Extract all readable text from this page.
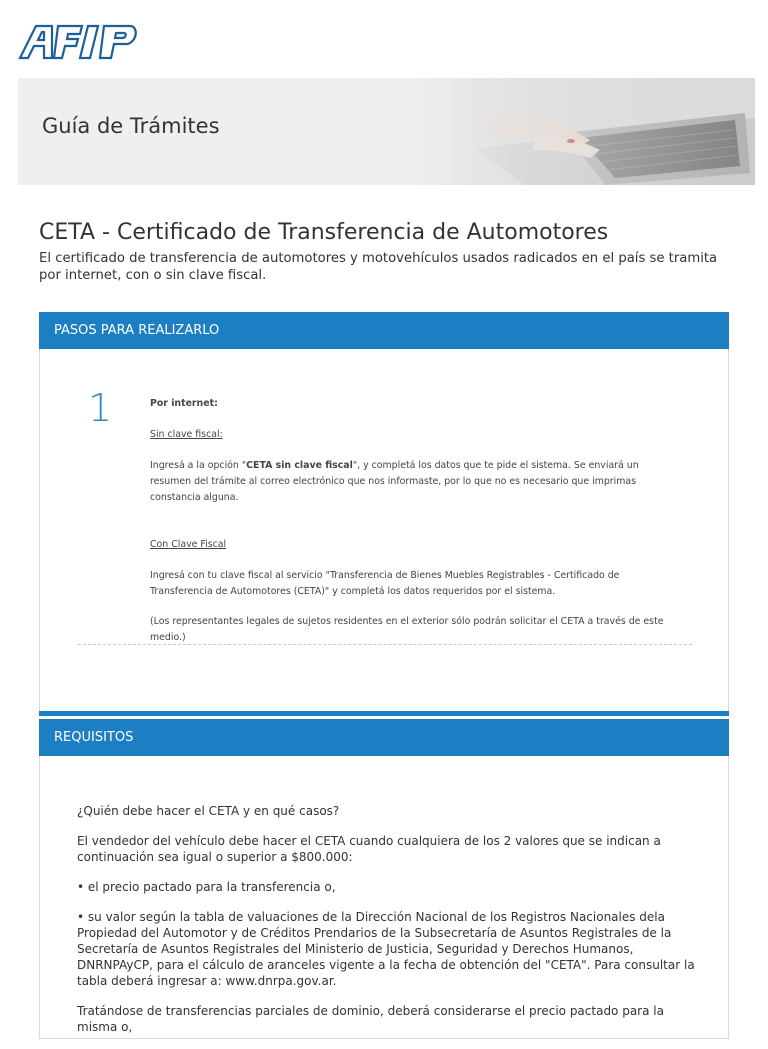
Guía de Trámites
CETA - Certificado de Transferencia de Automotores

El certificado de transferencia de automotores y motovehículos usados radicados en el país se tramita por internet, con o sin clave fiscal.

PASOS PARA REALIZARLO
1	Por internet:

Sin clave fiscal:

Ingresá a la opción "CETA sin clave fiscal", y completá los datos que te pide el sistema. Se enviará un resumen del trámite al correo electrónico que nos informaste, por lo que no es necesario que imprimas constancia alguna.

Con Clave Fiscal

Ingresá con tu clave fiscal al servicio "Transferencia de Bienes Muebles Registrables - Certificado de Transferencia de Automotores (CETA)" y completá los datos requeridos por el sistema.

(Los representantes legales de sujetos residentes en el exterior sólo podrán solicitar el CETA a través de este medio.)

REQUISITOS

¿Quién debe hacer el CETA y en qué casos?

El vendedor del vehículo debe hacer el CETA cuando cualquiera de los 2 valores que se indican a continuación sea igual o superior a $800.000:

• el precio pactado para la transferencia o,

• su valor según la tabla de valuaciones de la Dirección Nacional de los Registros Nacionales dela Propiedad del Automotor y de Créditos Prendarios de la Subsecretaría de Asuntos Registrales de la Secretaría de Asuntos Registrales del Ministerio de Justicia, Seguridad y Derechos Humanos, DNRNPAyCP, para el cálculo de aranceles vigente a la fecha de obtención del "CETA". Para consultar la tabla deberá ingresar a: www.dnrpa.gov.ar.

Tratándose de transferencias parciales de dominio, deberá considerarse el precio pactado para la misma o,
